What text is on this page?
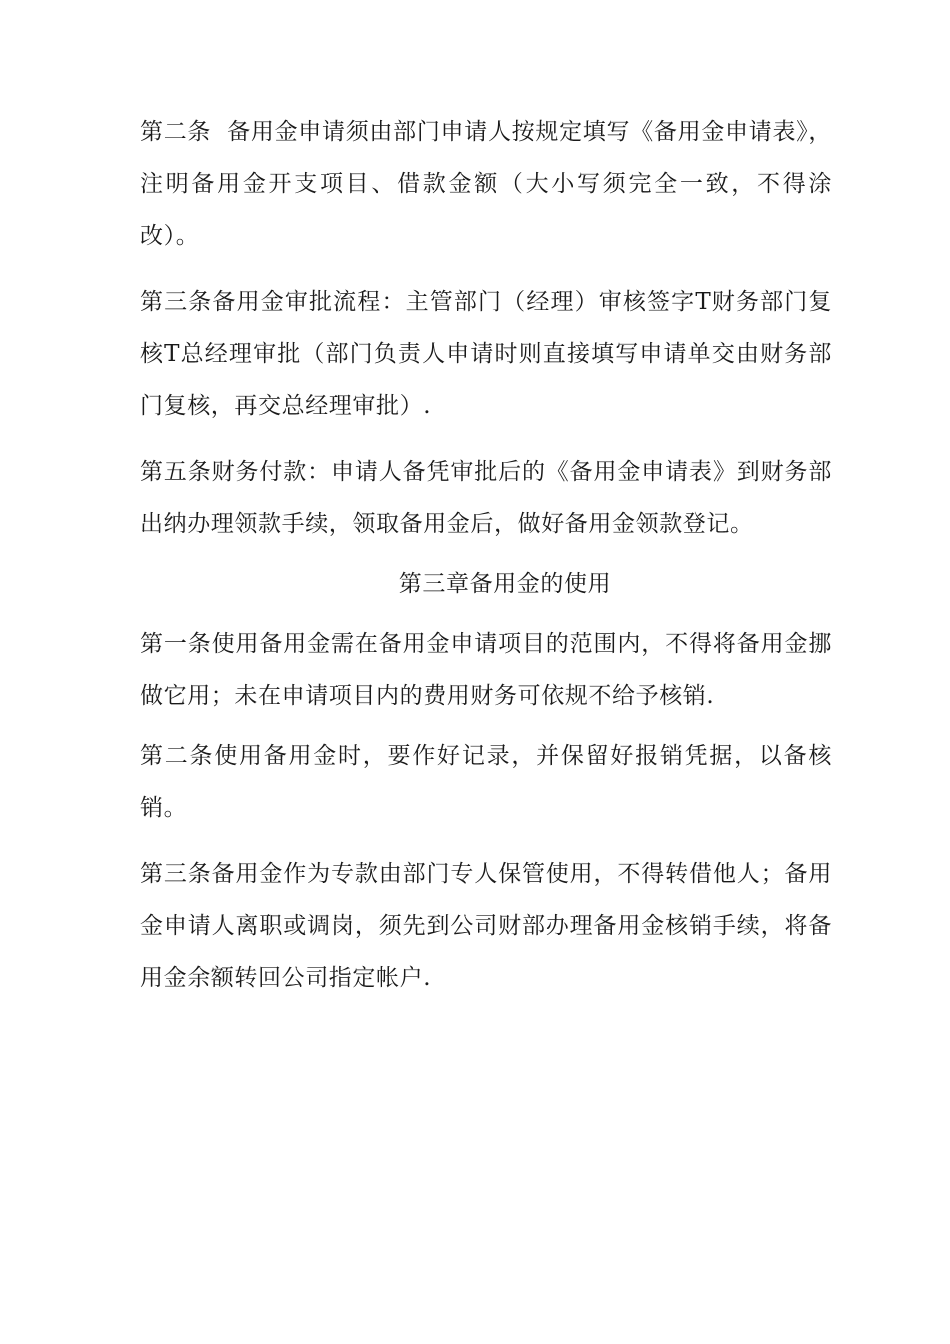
第二条  备用金申请须由部门申请人按规定填写《备用金申请表》，注明备用金开支项目、借款金额（大小写须完全一致，不得涂改）。

第三条备用金审批流程：主管部门（经理）审核签字T财务部门复核T总经理审批（部门负责人申请时则直接填写申请单交由财务部门复核，再交总经理审批）.

第五条财务付款：申请人备凭审批后的《备用金申请表》到财务部出纳办理领款手续，领取备用金后，做好备用金领款登记。

第三章备用金的使用

第一条使用备用金需在备用金申请项目的范围内，不得将备用金挪做它用；未在申请项目内的费用财务可依规不给予核销.

第二条使用备用金时，要作好记录，并保留好报销凭据，以备核销。

第三条备用金作为专款由部门专人保管使用，不得转借他人；备用金申请人离职或调岗，须先到公司财部办理备用金核销手续，将备用金余额转回公司指定帐户.
